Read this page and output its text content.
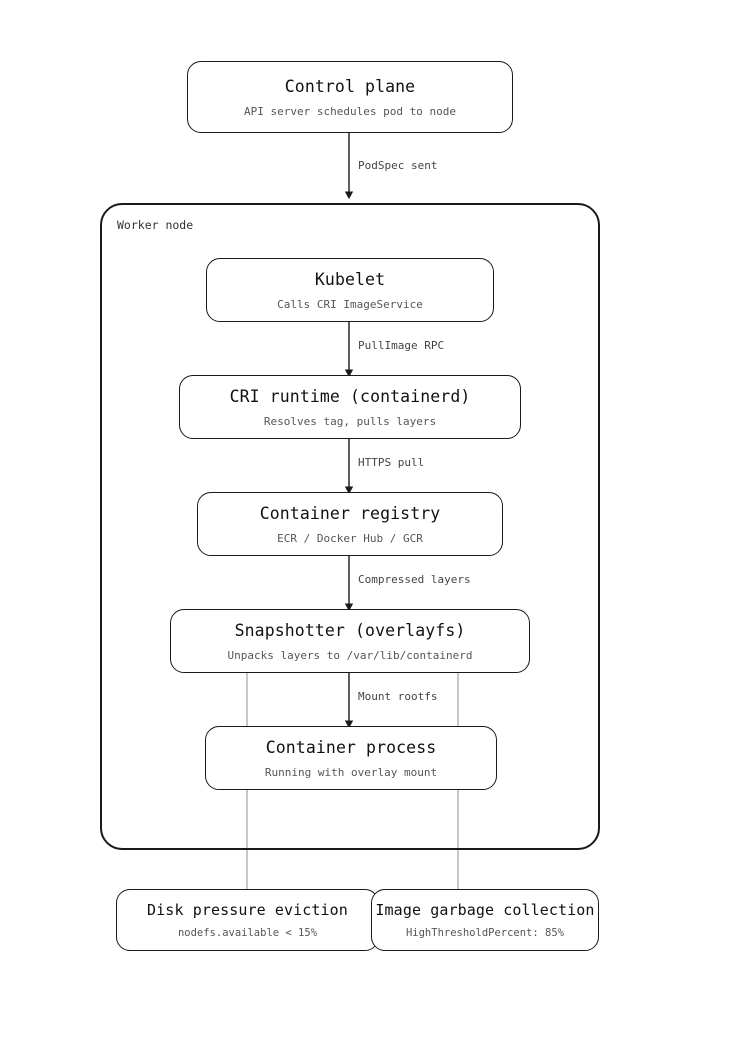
Worker node
PodSpec sent
PullImage RPC
HTTPS pull
Compressed layers
Mount rootfs
Control plane
API server schedules pod to node
Kubelet
Calls CRI ImageService
CRI runtime (containerd)
Resolves tag, pulls layers
Container registry
ECR / Docker Hub / GCR
Snapshotter (overlayfs)
Unpacks layers to /var/lib/containerd
Container process
Running with overlay mount
Disk pressure eviction
nodefs.available < 15%
Image garbage collection
HighThresholdPercent: 85%
